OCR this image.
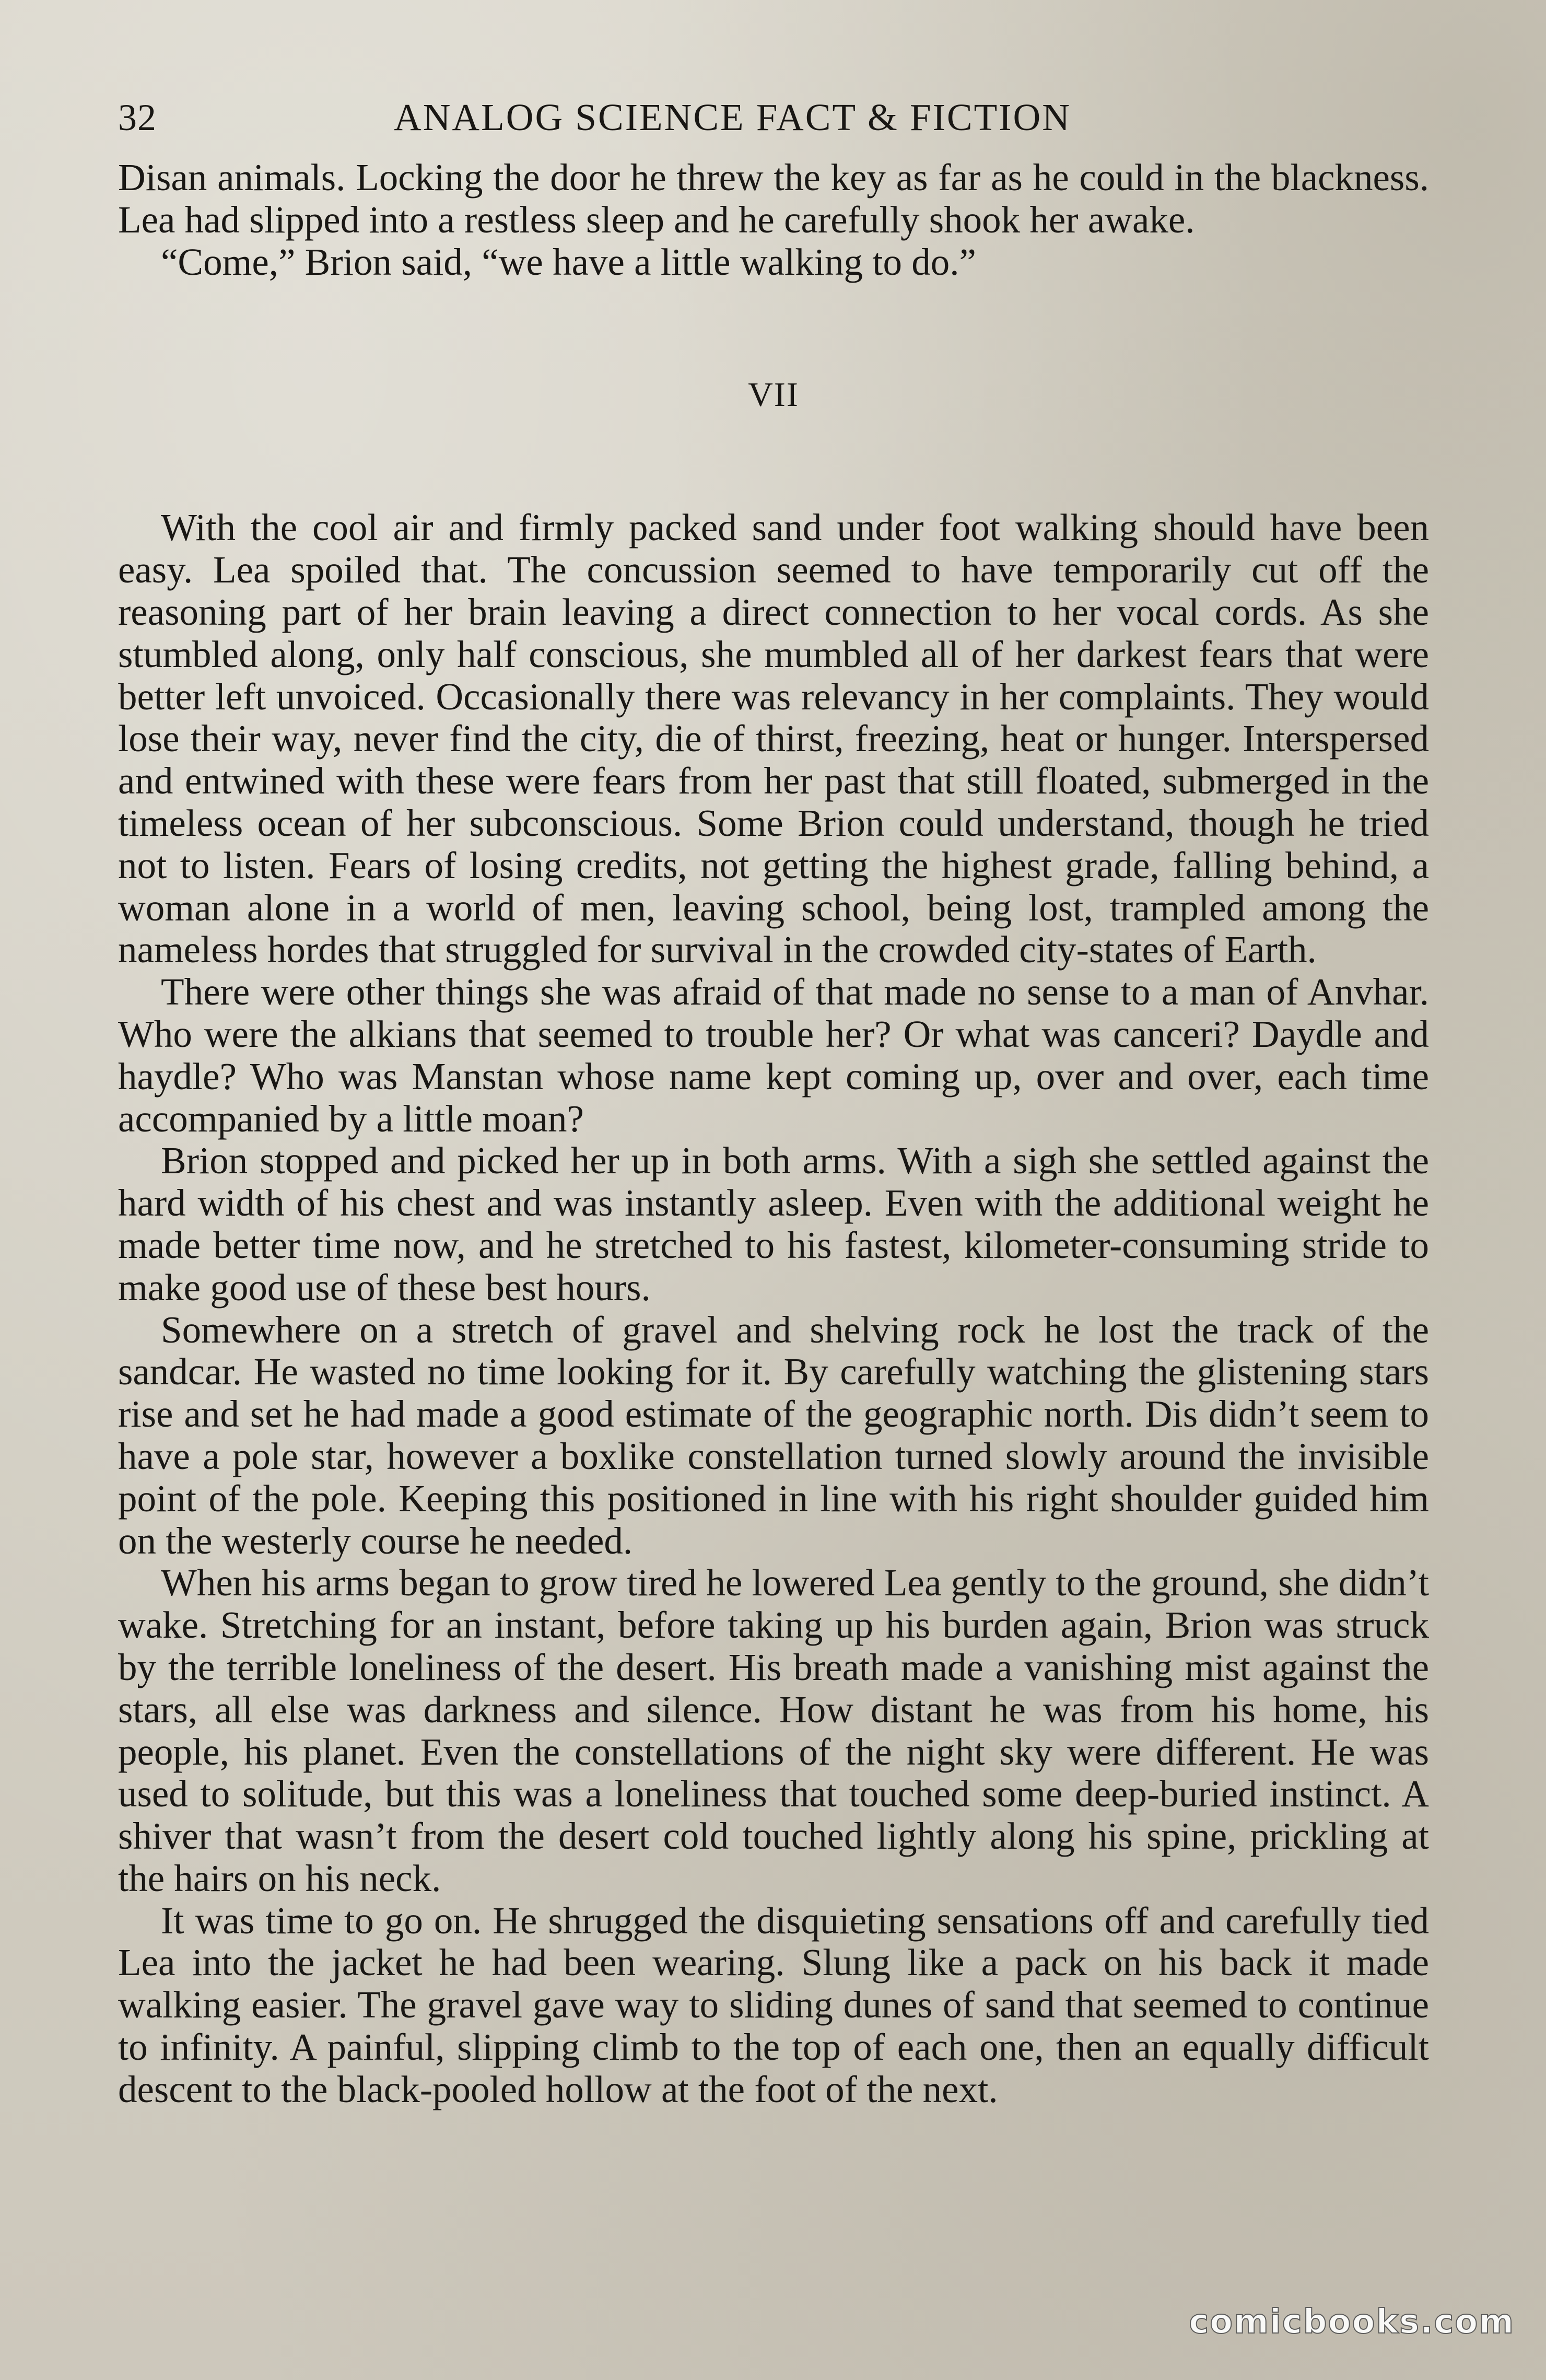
32	ANALOG SCIENCE FACT & FICTION

Disan animals. Locking the door he threw the key as far as he could in the blackness. Lea had slipped into a restless sleep and he carefully shook her awake.

“Come,” Brion said, “we have a little walking to do.”

VII

With the cool air and firmly packed sand under foot walking should have been easy. Lea spoiled that. The concussion seemed to have temporarily cut off the reasoning part of her brain leaving a direct connection to her vocal cords. As she stumbled along, only half conscious, she mumbled all of her darkest fears that were better left unvoiced. Occasionally there was relevancy in her complaints. They would lose their way, never find the city, die of thirst, freezing, heat or hunger. Interspersed and entwined with these were fears from her past that still floated, submerged in the timeless ocean of her subconscious. Some Brion could understand, though he tried not to listen. Fears of losing credits, not getting the highest grade, falling behind, a woman alone in a world of men, leaving school, being lost, trampled among the nameless hordes that struggled for survival in the crowded city-states of Earth.

There were other things she was afraid of that made no sense to a man of Anvhar. Who were the alkians that seemed to trouble her? Or what was canceri? Daydle and haydle? Who was Manstan whose name kept coming up, over and over, each time accompanied by a little moan?

Brion stopped and picked her up in both arms. With a sigh she settled against the hard width of his chest and was instantly asleep. Even with the additional weight he made better time now, and he stretched to his fastest, kilometer-consuming stride to make good use of these best hours.

Somewhere on a stretch of gravel and shelving rock he lost the track of the sandcar. He wasted no time looking for it. By carefully watching the glistening stars rise and set he had made a good estimate of the geographic north. Dis didn’t seem to have a pole star, however a boxlike constellation turned slowly around the invisible point of the pole. Keeping this positioned in line with his right shoulder guided him on the westerly course he needed.

When his arms began to grow tired he lowered Lea gently to the ground, she didn’t wake. Stretching for an instant, before taking up his burden again, Brion was struck by the terrible loneliness of the desert. His breath made a vanishing mist against the stars, all else was darkness and silence. How distant he was from his home, his people, his planet. Even the constellations of the night sky were different. He was used to solitude, but this was a loneliness that touched some deep-buried instinct. A shiver that wasn’t from the desert cold touched lightly along his spine, prickling at the hairs on his neck.

It was time to go on. He shrugged the disquieting sensations off and carefully tied Lea into the jacket he had been wearing. Slung like a pack on his back it made walking easier. The gravel gave way to sliding dunes of sand that seemed to continue to infinity. A painful, slipping climb to the top of each one, then an equally difficult descent to the black-pooled hollow at the foot of the next.

comicbooks.com
